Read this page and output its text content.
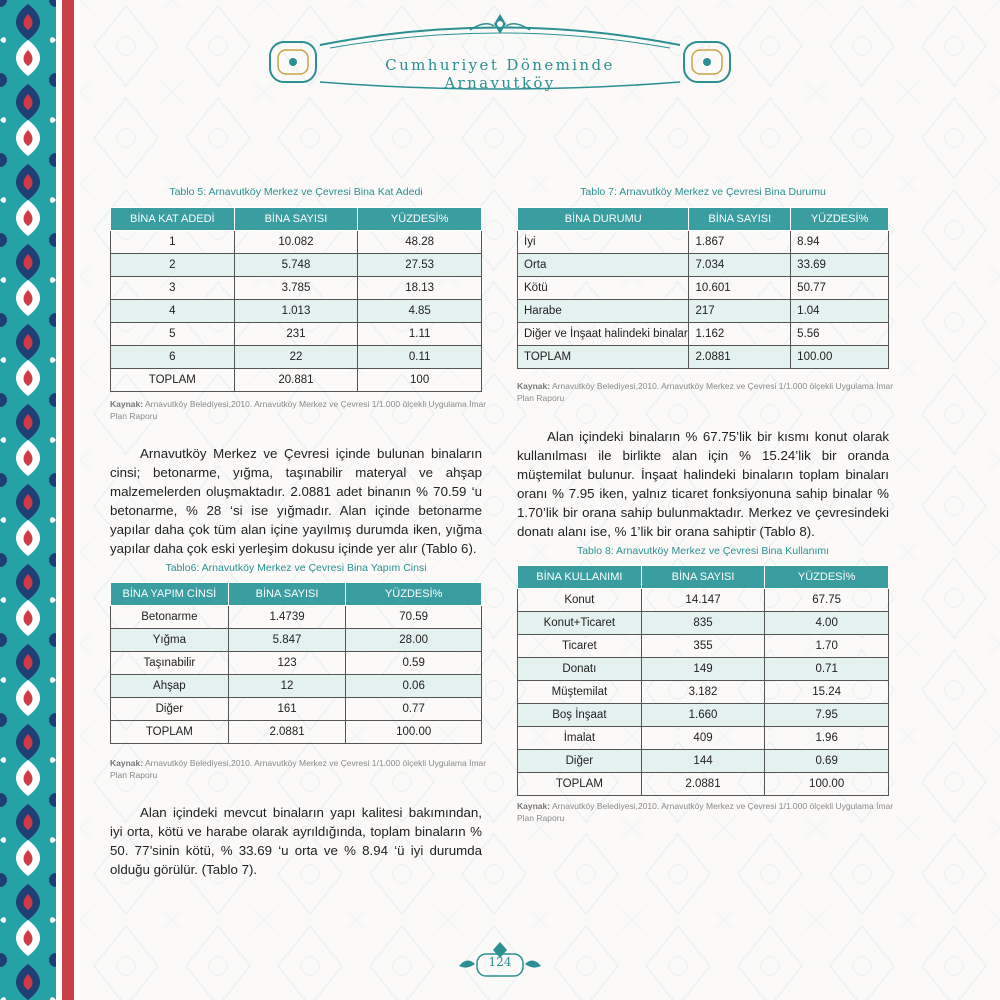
Cumhuriyet Döneminde Arnavutköy
Tablo 5: Arnavutköy Merkez ve Çevresi Bina Kat Adedi
BİNA KAT ADEDİ	BİNA SAYISI	YÜZDESİ%
1	10.082	48.28
2	5.748	27.53
3	3.785	18.13
4	1.013	4.85
5	231	1.11
6	22	0.11
TOPLAM	20.881	100
Kaynak: Arnavutköy Belediyesi,2010. Arnavutköy Merkez ve Çevresi 1/1.000 ölçekli Uygulama İmar Plan Raporu
Arnavutköy Merkez ve Çevresi içinde bulunan binaların cinsi; betonarme, yığma, taşınabilir materyal ve ahşap malzemelerden oluşmaktadır. 2.0881 adet binanın % 70.59 ‘u betonarme, % 28 ‘si ise yığmadır. Alan içinde betonarme yapılar daha çok tüm alan içine yayılmış durumda iken, yığma yapılar daha çok eski yerleşim dokusu içinde yer alır (Tablo 6).
Tablo6: Arnavutköy Merkez ve Çevresi Bina Yapım Cinsi
BİNA YAPIM CİNSİ	BİNA SAYISI	YÜZDESİ%
Betonarme	1.4739	70.59
Yığma	5.847	28.00
Taşınabilir	123	0.59
Ahşap	12	0.06
Diğer	161	0.77
TOPLAM	2.0881	100.00
Kaynak: Arnavutköy Belediyesi,2010. Arnavutköy Merkez ve Çevresi 1/1.000 ölçekli Uygulama İmar Plan Raporu
Alan içindeki mevcut binaların yapı kalitesi bakımından, iyi orta, kötü ve harabe olarak ayrıldığında, toplam binaların % 50. 77’sinin kötü, % 33.69 ‘u orta ve % 8.94 ‘ü iyi durumda olduğu görülür. (Tablo 7).
Tablo 7: Arnavutköy Merkez ve Çevresi Bina Durumu
BİNA DURUMU	BİNA SAYISI	YÜZDESİ%
İyi	1.867	8.94
Orta	7.034	33.69
Kötü	10.601	50.77
Harabe	217	1.04
Diğer ve İnşaat halindeki binalar	1.162	5.56
TOPLAM	2.0881	100.00
Kaynak: Arnavutköy Belediyesi,2010. Arnavutköy Merkez ve Çevresi 1/1.000 ölçekli Uygulama İmar Plan Raporu
Alan içindeki binaların % 67.75’lik bir kısmı konut olarak kullanılması ile birlikte alan için % 15.24’lik bir oranda müştemilat bulunur. İnşaat halindeki binaların toplam binaları oranı % 7.95 iken, yalnız ticaret fonksiyonuna sahip binalar % 1.70’lik bir orana sahip bulunmaktadır. Merkez ve çevresindeki donatı alanı ise, % 1’lik bir orana sahiptir (Tablo 8).
Tablo 8: Arnavutköy Merkez ve Çevresi Bina Kullanımı
BİNA KULLANIMI	BİNA SAYISI	YÜZDESİ%
Konut	14.147	67.75
Konut+Ticaret	835	4.00
Ticaret	355	1.70
Donatı	149	0.71
Müştemilat	3.182	15.24
Boş İnşaat	1.660	7.95
İmalat	409	1.96
Diğer	144	0.69
TOPLAM	2.0881	100.00
Kaynak: Arnavutköy Belediyesi,2010. Arnavutköy Merkez ve Çevresi 1/1.000 ölçekli Uygulama İmar Plan Raporu
124
